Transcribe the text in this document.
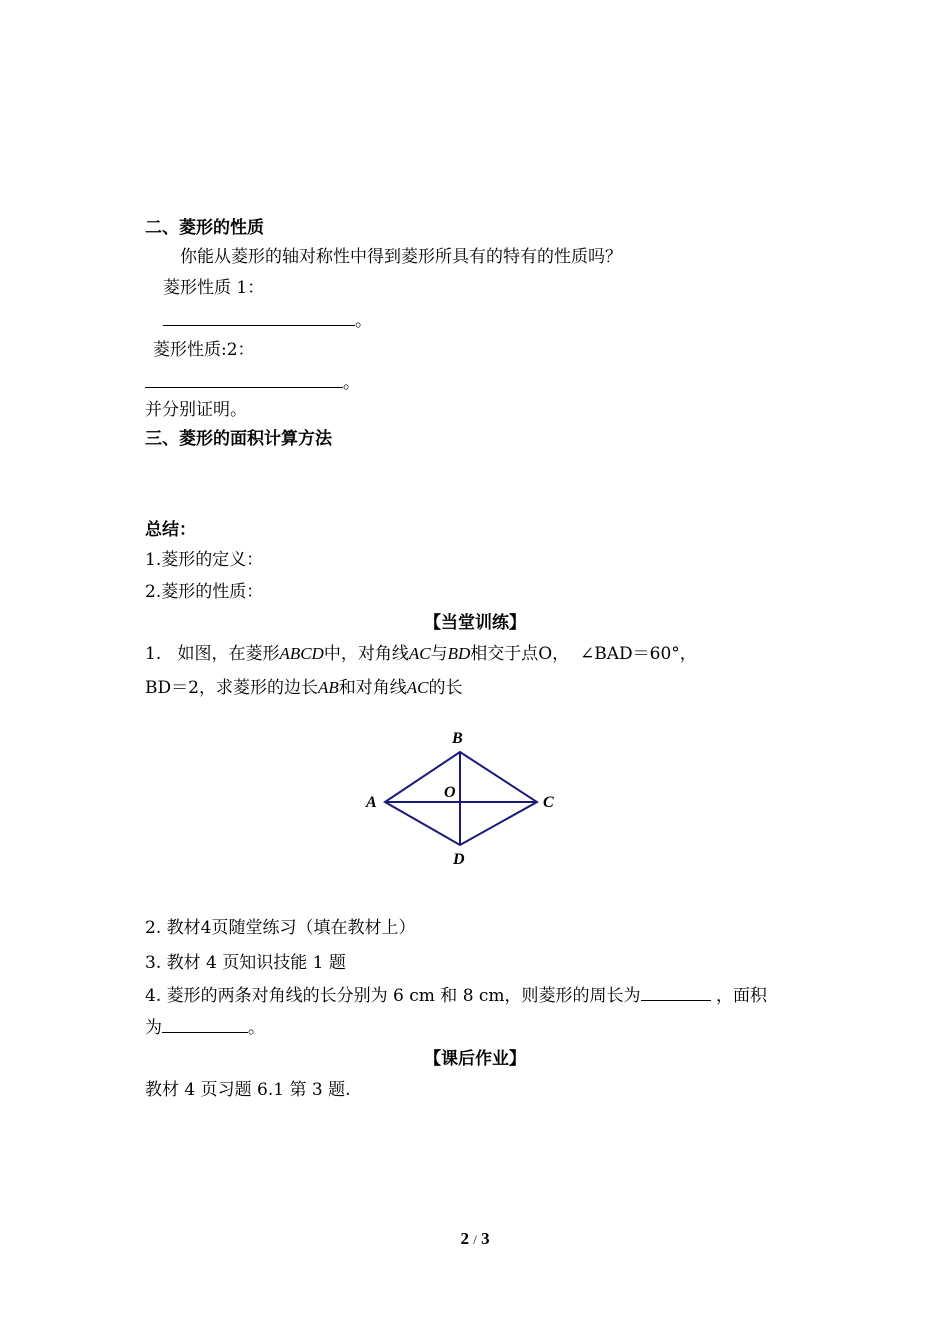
二、菱形的性质
你能从菱形的轴对称性中得到菱形所具有的特有的性质吗？
菱形性质 1：
。
菱形性质:2：
。
并分别证明。
三、菱形的面积计算方法
总结：
1.菱形的定义：
2.菱形的性质：
【当堂训练】
1. 如图，在菱形ABCD中，对角线AC与BD相交于点O， ∠BAD＝60°，
BD＝2，求菱形的边长AB和对角线AC的长
B
A	C
D
O
2. 教材4页随堂练习（填在教材上）
3. 教材 4 页知识技能 1 题
4. 菱形的两条对角线的长分别为 6 cm 和 8 cm，则菱形的周长为	，面积
为	。
【课后作业】
教材 4 页习题 6.1 第 3 题.
2 / 3
